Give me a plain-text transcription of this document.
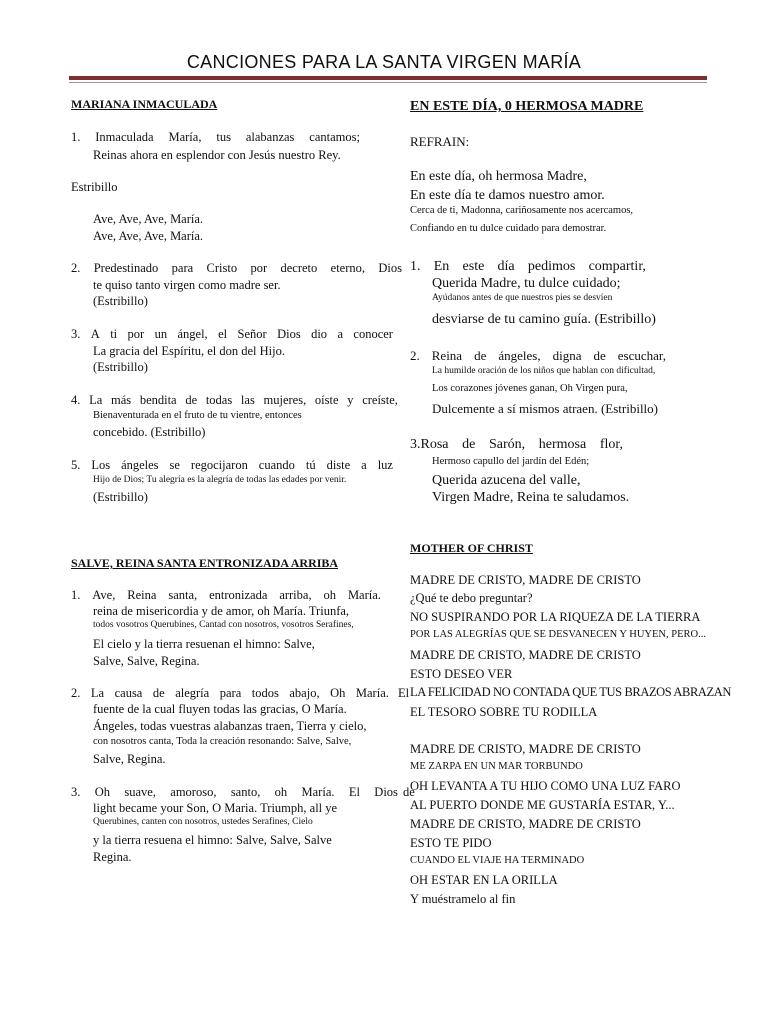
CANCIONES PARA LA SANTA VIRGEN MARÍA
MARIANA INMACULADA
1. Inmaculada María, tus alabanzas cantamos;
Reinas ahora en esplendor con Jesús nuestro Rey.
Estribillo
Ave, Ave, Ave, María.
Ave, Ave, Ave, María.
2. Predestinado para Cristo por decreto eterno, Dios
te quiso tanto virgen como madre ser.
(Estribillo)
3. A ti por un ángel, el Señor Dios dio a conocer
La gracia del Espíritu, el don del Hijo.
(Estribillo)
4. La más bendita de todas las mujeres, oíste y creíste,
Bienaventurada en el fruto de tu vientre, entonces
concebido. (Estribillo)
5. Los ángeles se regocijaron cuando tú diste a luz
Hijo de Dios; Tu alegría es la alegría de todas las edades por venir.
(Estribillo)
SALVE, REINA SANTA ENTRONIZADA ARRIBA
1. Ave, Reina santa, entronizada arriba, oh María.
reina de misericordia y de amor, oh María. Triunfa,
todos vosotros Querubines, Cantad con nosotros, vosotros Serafines,
El cielo y la tierra resuenan el himno: Salve,
Salve, Salve, Regina.
2. La causa de alegría para todos abajo, Oh María. El
fuente de la cual fluyen todas las gracias, O María.
Ángeles, todas vuestras alabanzas traen, Tierra y cielo,
con nosotros canta, Toda la creación resonando: Salve, Salve,
Salve, Regina.
3. Oh suave, amoroso, santo, oh María. El Dios de
light became your Son, O Maria. Triumph, all ye
Querubines, canten con nosotros, ustedes Serafines, Cielo
y la tierra resuena el himno: Salve, Salve, Salve
Regina.
EN ESTE DÍA, 0 HERMOSA MADRE
REFRAIN:
En este día, oh hermosa Madre,
En este día te damos nuestro amor.
Cerca de ti, Madonna, cariñosamente nos acercamos,
Confiando en tu dulce cuidado para demostrar.
1. En este día pedimos compartir,
Querida Madre, tu dulce cuidado;
Ayúdanos antes de que nuestros pies se desvíen
desviarse de tu camino guía. (Estribillo)
2. Reina de ángeles, digna de escuchar,
La humilde oración de los niños que hablan con dificultad,
Los corazones jóvenes ganan, Oh Virgen pura,
Dulcemente a sí mismos atraen. (Estribillo)
3.Rosa de Sarón, hermosa flor,
Hermoso capullo del jardín del Edén;
Querida azucena del valle,
Virgen Madre, Reina te saludamos.
MOTHER OF CHRIST
MADRE DE CRISTO, MADRE DE CRISTO
¿Qué te debo preguntar?
NO SUSPIRANDO POR LA RIQUEZA DE LA TIERRA
POR LAS ALEGRÍAS QUE SE DESVANECEN Y HUYEN, PERO...
MADRE DE CRISTO, MADRE DE CRISTO
ESTO DESEO VER
LA FELICIDAD NO CONTADA QUE TUS BRAZOS ABRAZAN
EL TESORO SOBRE TU RODILLA
MADRE DE CRISTO, MADRE DE CRISTO
ME ZARPA EN UN MAR TORBUNDO
OH LEVANTA A TU HIJO COMO UNA LUZ FARO
AL PUERTO DONDE ME GUSTARÍA ESTAR, Y...
MADRE DE CRISTO, MADRE DE CRISTO
ESTO TE PIDO
CUANDO EL VIAJE HA TERMINADO
OH ESTAR EN LA ORILLA
Y muéstramelo al fin
